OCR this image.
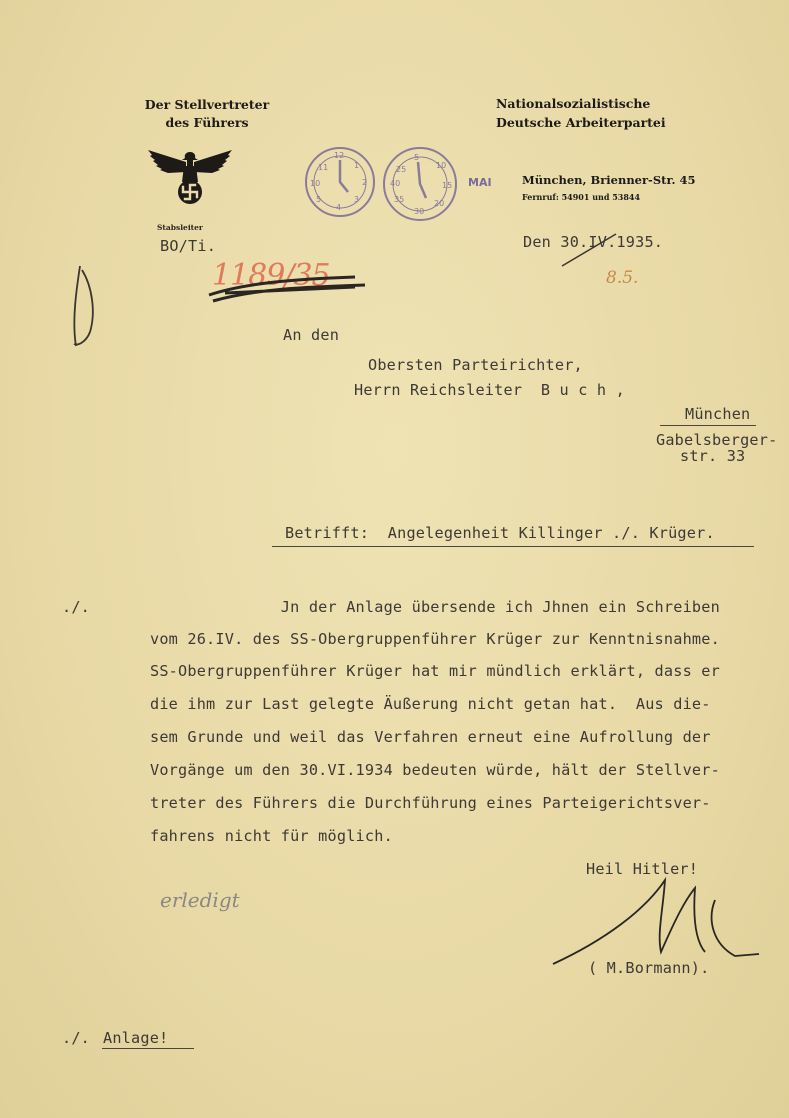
Der Stellvertreter
des Führers
Stabsleiter
Nationalsozialistische
Deutsche Arbeiterpartei
München, Brienner-Str. 45
Fernruf: 54901 und 53844
11
12
1
2
3
4
5
10
25
5
10
15
20
30
35
40	MAI
BO/Ti.	Den 30.IV.1935.
1189/35	8.5.
An den
Obersten Parteirichter,
Herrn Reichsleiter  B u c h ,
München
Gabelsberger-
str. 33
Betrifft:  Angelegenheit Killinger ./. Krüger.
./.	Jn der Anlage übersende ich Jhnen ein Schreiben
vom 26.IV. des SS-Obergruppenführer Krüger zur Kenntnisnahme.
SS-Obergruppenführer Krüger hat mir mündlich erklärt, dass er
die ihm zur Last gelegte Äußerung nicht getan hat.  Aus die-
sem Grunde und weil das Verfahren erneut eine Aufrollung der
Vorgänge um den 30.VI.1934 bedeuten würde, hält der Stellver-
treter des Führers die Durchführung eines Parteigerichtsver-
fahrens nicht für möglich.
Heil Hitler!
( M.Bormann).
erledigt
./. Anlage!
